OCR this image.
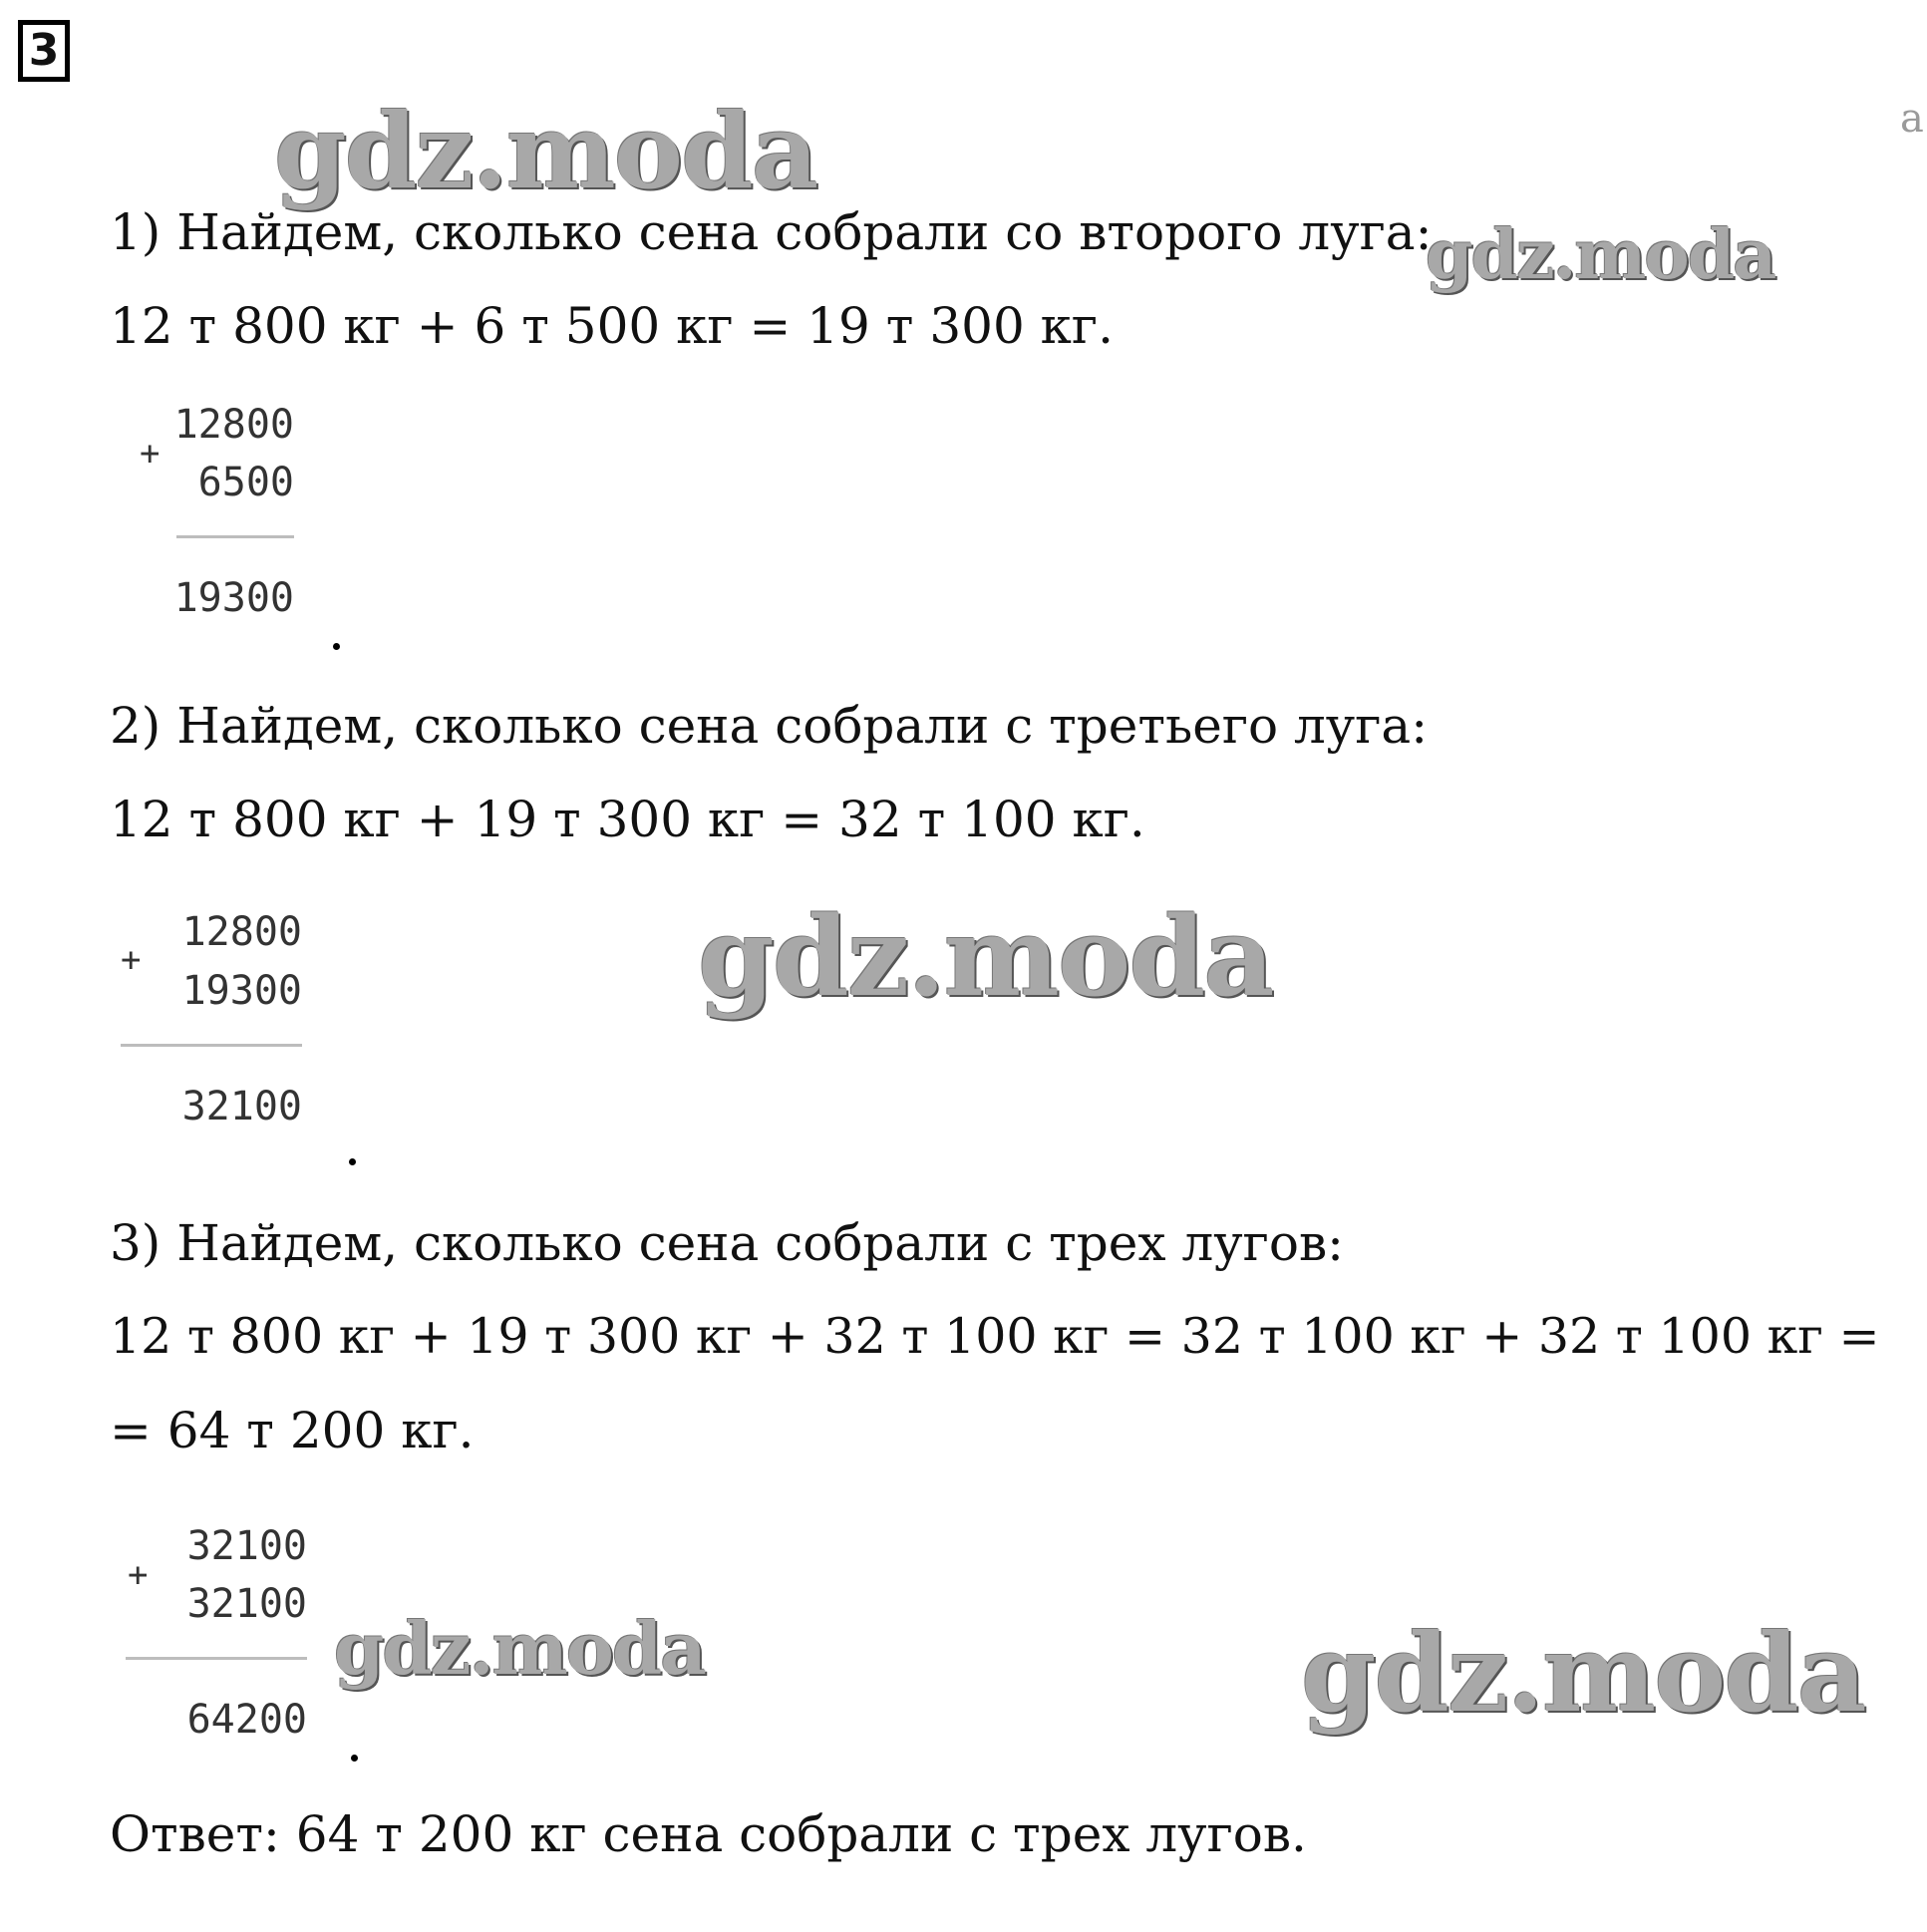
3
a
gdz.moda
gdz.moda
gdz.moda
gdz.moda	gdz.moda
1) Найдем, сколько сена собрали со второго луга:
12 т 800 кг + 6 т 500 кг = 19 т 300 кг.
12800
+
6500
19300
2) Найдем, сколько сена собрали с третьего луга:
12 т 800 кг + 19 т 300 кг = 32 т 100 кг.
12800
+
19300
32100
3) Найдем, сколько сена собрали с трех лугов:
12 т 800 кг + 19 т 300 кг + 32 т 100 кг = 32 т 100 кг + 32 т 100 кг =
= 64 т 200 кг.
32100
+
32100
64200
Ответ: 64 т 200 кг сена собрали с трех лугов.
